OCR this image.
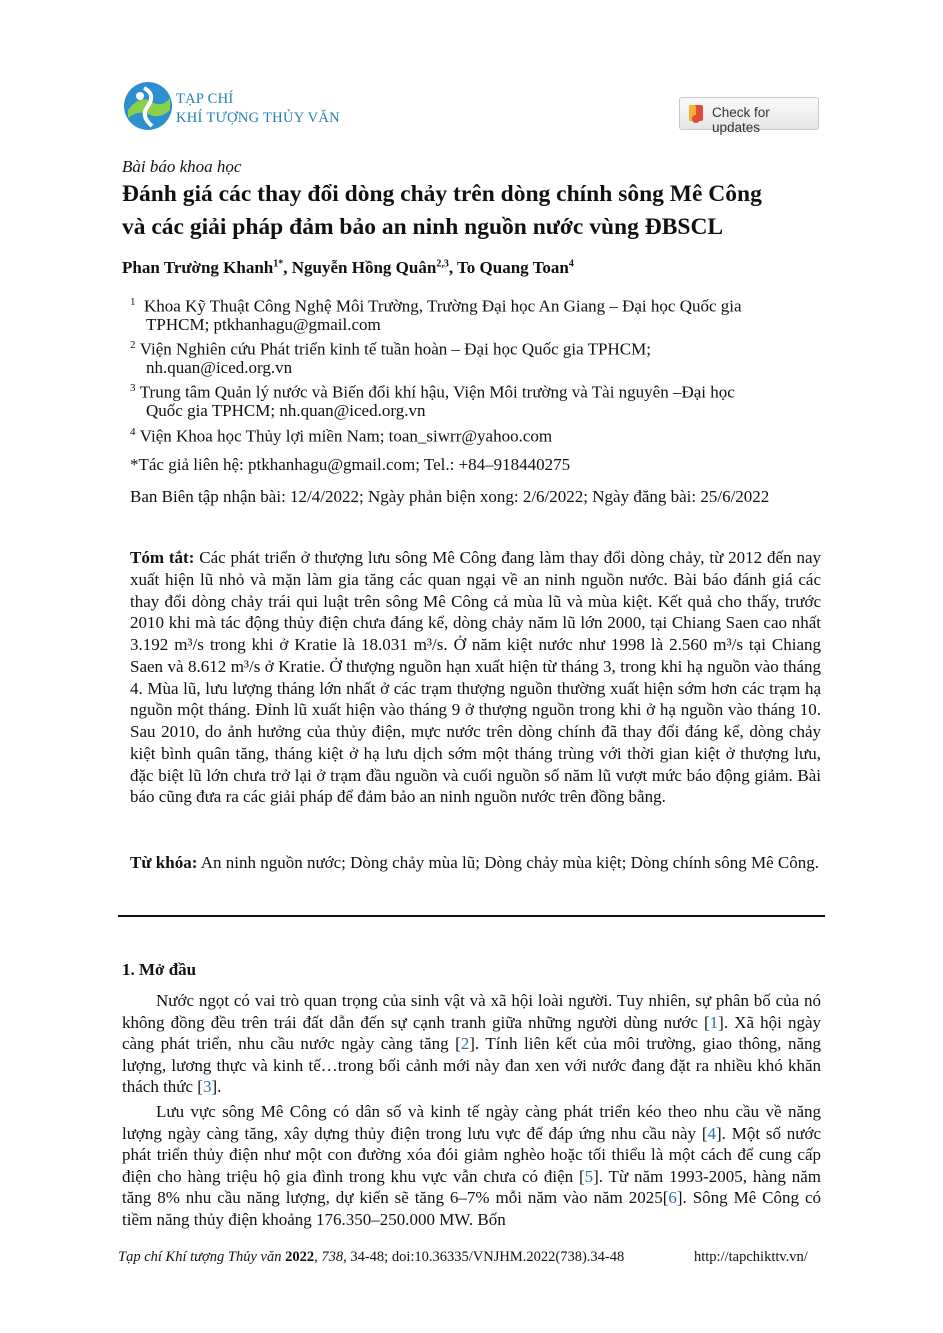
TẠP CHÍ
KHÍ TƯỢNG THỦY VĂN	Check for updates
Bài báo khoa học
Đánh giá các thay đổi dòng chảy trên dòng chính sông Mê Công
và các giải pháp đảm bảo an ninh nguồn nước vùng ĐBSCL
Phan Trường Khanh$^{1*}$, Nguyễn Hồng Quân$^{2,3}$, To Quang Toan$^4$
$^1$ Khoa Kỹ Thuật Công Nghệ Môi Trường, Trường Đại học An Giang – Đại học Quốc gia
TPHCM; ptkhanhagu@gmail.com
$^2$ Viện Nghiên cứu Phát triển kinh tế tuần hoàn – Đại học Quốc gia TPHCM;
nh.quan@iced.org.vn
$^3$ Trung tâm Quản lý nước và Biến đổi khí hậu, Viện Môi trường và Tài nguyên –Đại học
Quốc gia TPHCM; nh.quan@iced.org.vn
$^4$ Viện Khoa học Thủy lợi miền Nam; toan_siwrr@yahoo.com
*Tác giả liên hệ: ptkhanhagu@gmail.com; Tel.: +84–918440275
Ban Biên tập nhận bài: 12/4/2022; Ngày phản biện xong: 2/6/2022; Ngày đăng bài: 25/6/2022
Tóm tắt: Các phát triển ở thượng lưu sông Mê Công đang làm thay đổi dòng chảy, từ 2012 đến nay xuất hiện lũ nhỏ và mặn làm gia tăng các quan ngại về an ninh nguồn nước. Bài báo đánh giá các thay đổi dòng chảy trái qui luật trên sông Mê Công cả mùa lũ và mùa kiệt. Kết quả cho thấy, trước 2010 khi mà tác động thủy điện chưa đáng kể, dòng chảy năm lũ lớn 2000, tại Chiang Saen cao nhất 3.192 m³/s trong khi ở Kratie là 18.031 m³/s. Ở năm kiệt nước như 1998 là 2.560 m³/s tại Chiang Saen và 8.612 m³/s ở Kratie. Ở thượng nguồn hạn xuất hiện từ tháng 3, trong khi hạ nguồn vào tháng 4. Mùa lũ, lưu lượng tháng lớn nhất ở các trạm thượng nguồn thường xuất hiện sớm hơn các trạm hạ nguồn một tháng. Đỉnh lũ xuất hiện vào tháng 9 ở thượng nguồn trong khi ở hạ nguồn vào tháng 10. Sau 2010, do ảnh hưởng của thủy điện, mực nước trên dòng chính đã thay đổi đáng kể, dòng chảy kiệt bình quân tăng, tháng kiệt ở hạ lưu dịch sớm một tháng trùng với thời gian kiệt ở thượng lưu, đặc biệt lũ lớn chưa trở lại ở trạm đầu nguồn và cuối nguồn số năm lũ vượt mức báo động giảm. Bài báo cũng đưa ra các giải pháp để đảm bảo an ninh nguồn nước trên đồng bằng.
Từ khóa: An ninh nguồn nước; Dòng chảy mùa lũ; Dòng chảy mùa kiệt; Dòng chính sông Mê Công.
1. Mở đầu
Nước ngọt có vai trò quan trọng của sinh vật và xã hội loài người. Tuy nhiên, sự phân bố của nó không đồng đều trên trái đất dẫn đến sự cạnh tranh giữa những người dùng nước [1]. Xã hội ngày càng phát triển, nhu cầu nước ngày càng tăng [2]. Tính liên kết của môi trường, giao thông, năng lượng, lương thực và kinh tế…trong bối cảnh mới này đan xen với nước đang đặt ra nhiều khó khăn thách thức [3].
Lưu vực sông Mê Công có dân số và kinh tế ngày càng phát triển kéo theo nhu cầu về năng lượng ngày càng tăng, xây dựng thủy điện trong lưu vực để đáp ứng nhu cầu này [4]. Một số nước phát triển thủy điện như một con đường xóa đói giảm nghèo hoặc tối thiểu là một cách để cung cấp điện cho hàng triệu hộ gia đình trong khu vực vẫn chưa có điện [5]. Từ năm 1993-2005, hàng năm tăng 8% nhu cầu năng lượng, dự kiến sẽ tăng 6–7% mỗi năm vào năm 2025[6]. Sông Mê Công có tiềm năng thủy điện khoảng 176.350–250.000 MW. Bốn
Tạp chí Khí tượng Thủy văn 2022, 738, 34-48; doi:10.36335/VNJHM.2022(738).34-48	http://tapchikttv.vn/
